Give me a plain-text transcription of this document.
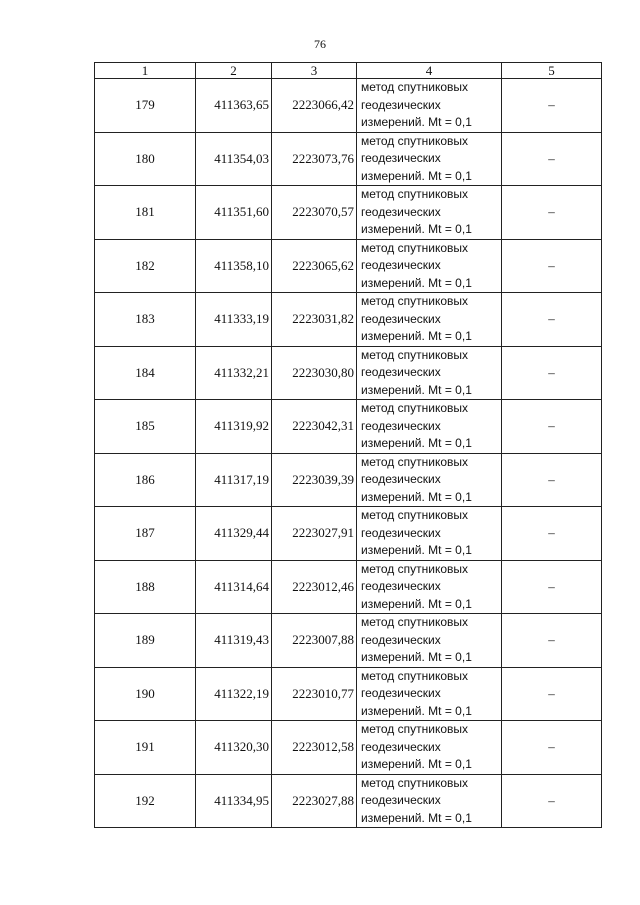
76
1	2	3	4	5
179	411363,65	2223066,42	метод спутниковых
геодезических
измерений. Mt = 0,1	–
180	411354,03	2223073,76	метод спутниковых
геодезических
измерений. Mt = 0,1	–
181	411351,60	2223070,57	метод спутниковых
геодезических
измерений. Mt = 0,1	–
182	411358,10	2223065,62	метод спутниковых
геодезических
измерений. Mt = 0,1	–
183	411333,19	2223031,82	метод спутниковых
геодезических
измерений. Mt = 0,1	–
184	411332,21	2223030,80	метод спутниковых
геодезических
измерений. Mt = 0,1	–
185	411319,92	2223042,31	метод спутниковых
геодезических
измерений. Mt = 0,1	–
186	411317,19	2223039,39	метод спутниковых
геодезических
измерений. Mt = 0,1	–
187	411329,44	2223027,91	метод спутниковых
геодезических
измерений. Mt = 0,1	–
188	411314,64	2223012,46	метод спутниковых
геодезических
измерений. Mt = 0,1	–
189	411319,43	2223007,88	метод спутниковых
геодезических
измерений. Mt = 0,1	–
190	411322,19	2223010,77	метод спутниковых
геодезических
измерений. Mt = 0,1	–
191	411320,30	2223012,58	метод спутниковых
геодезических
измерений. Mt = 0,1	–
192	411334,95	2223027,88	метод спутниковых
геодезических
измерений. Mt = 0,1	–
